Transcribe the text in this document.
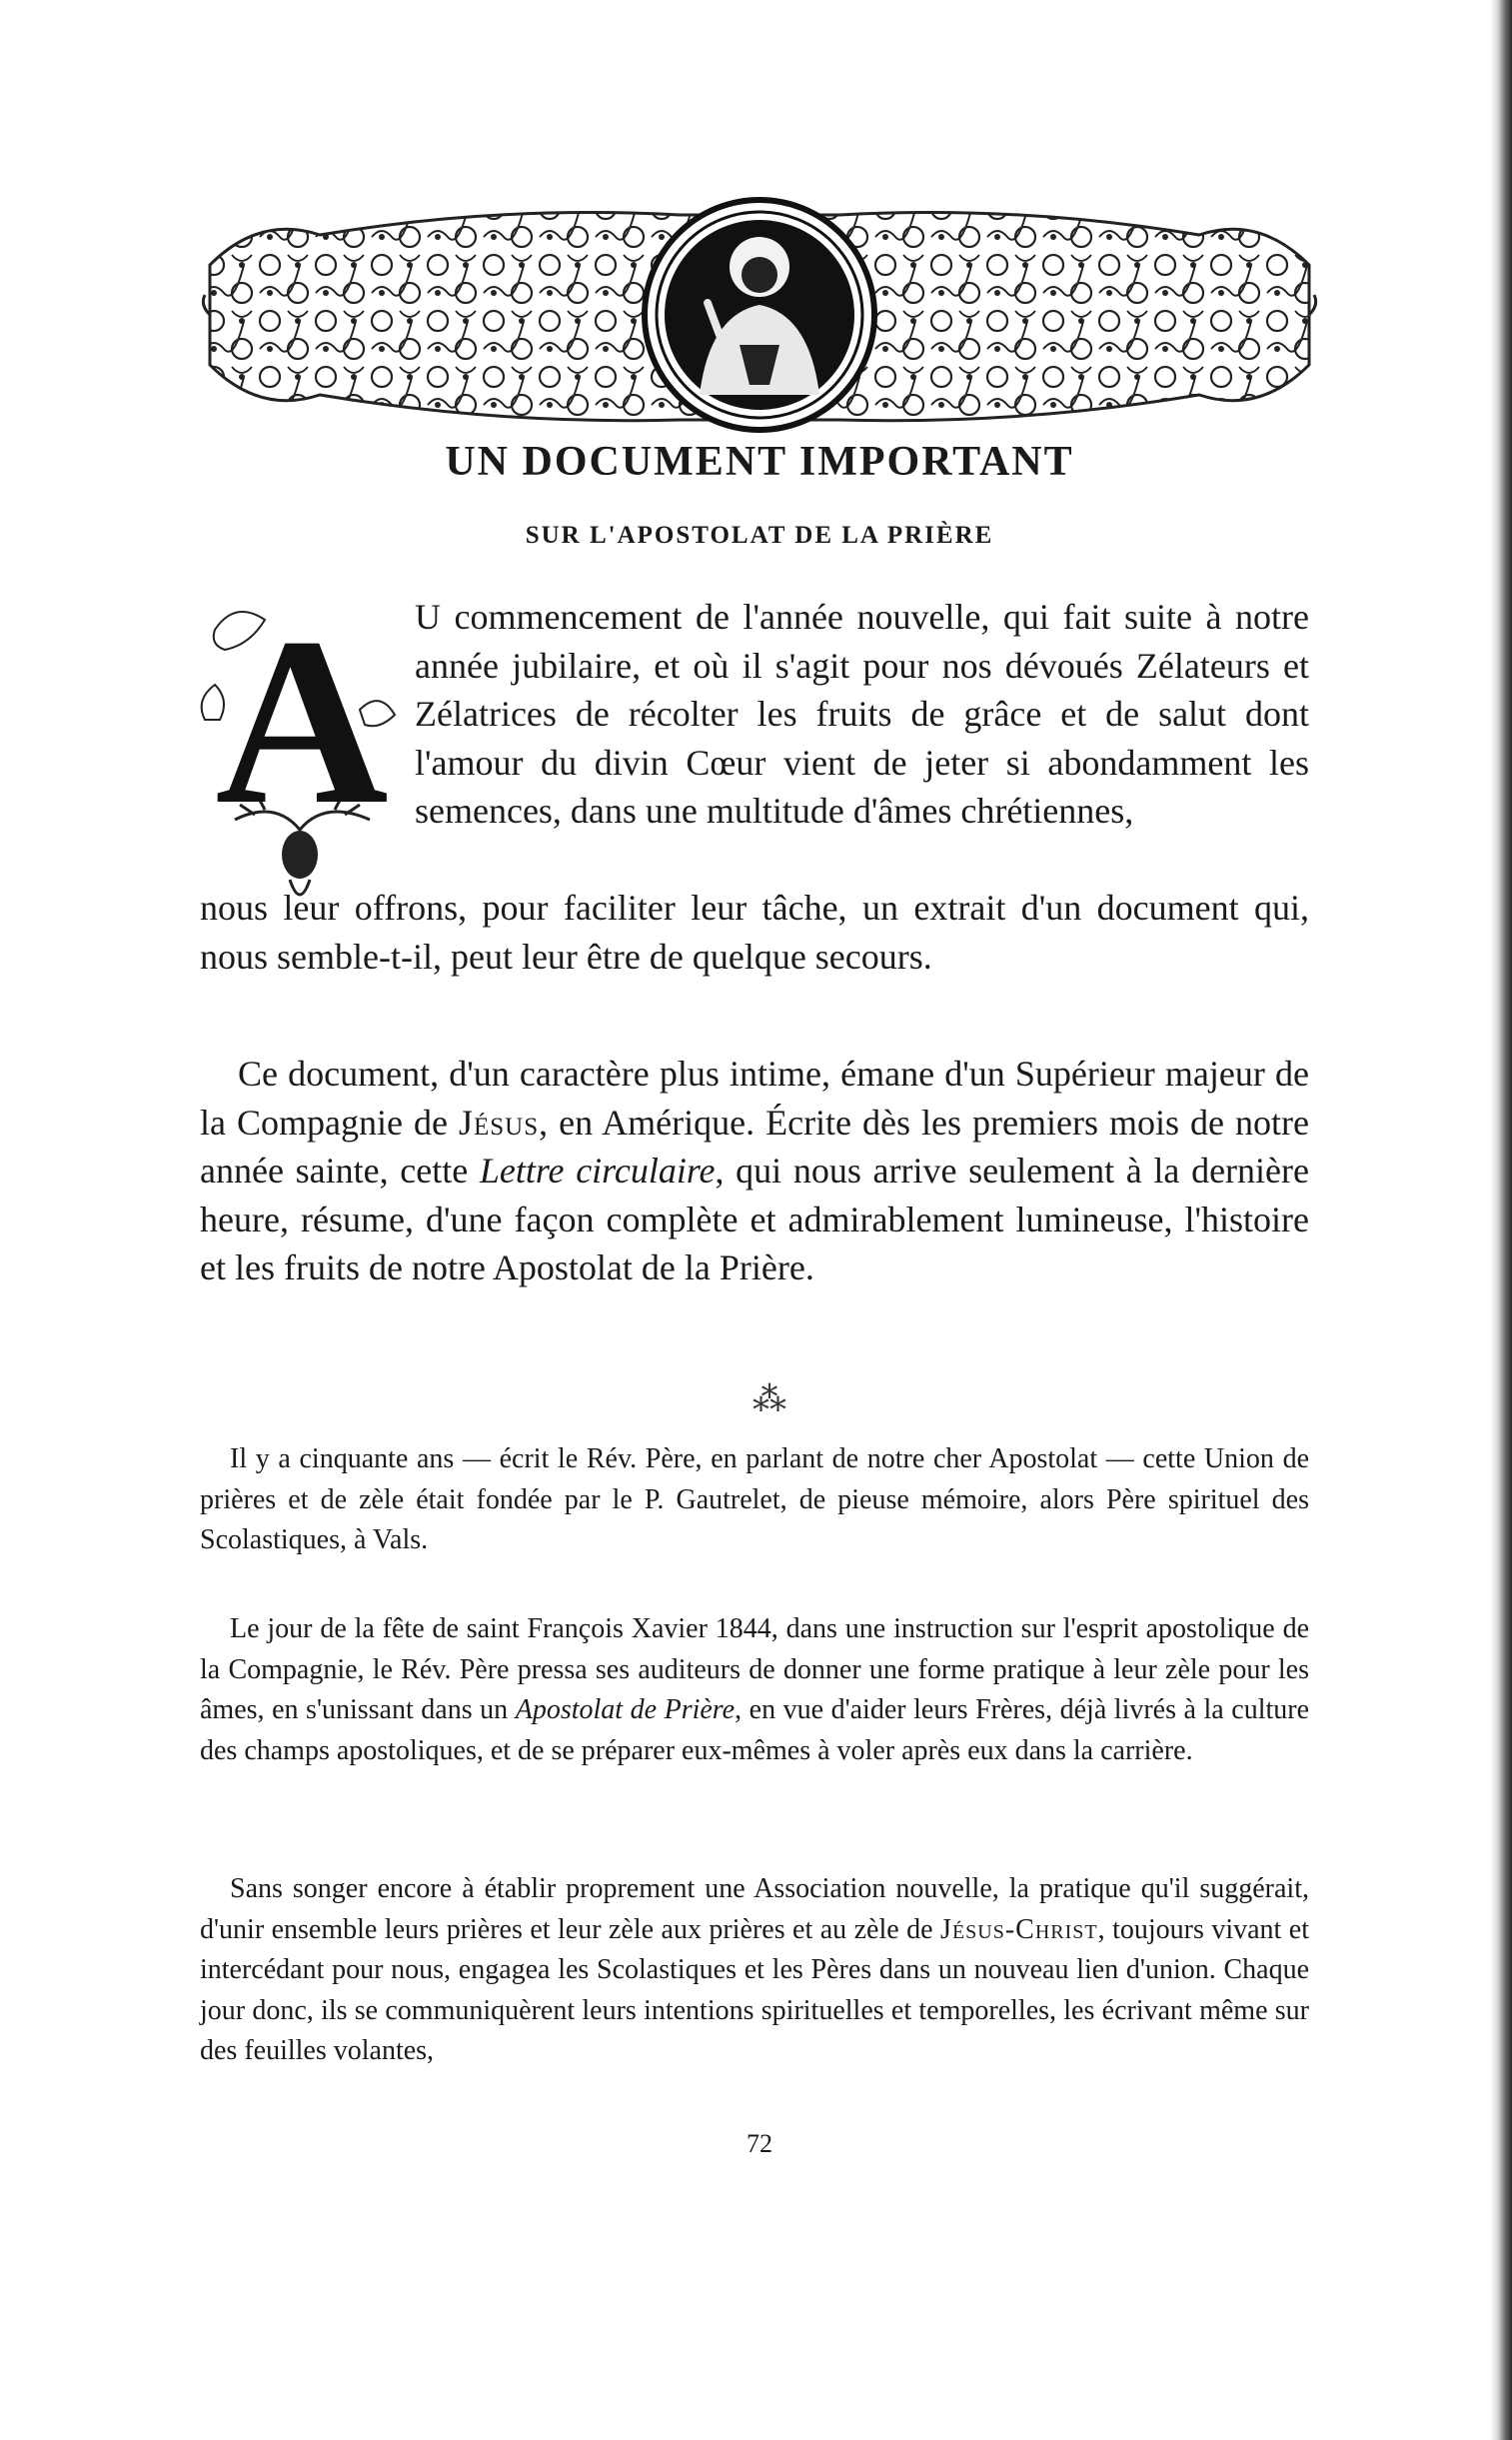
UN DOCUMENT IMPORTANT
SUR L'APOSTOLAT DE LA PRIÈRE
A U commencement de l'année nouvelle, qui fait suite à notre année jubilaire, et où il s'agit pour nos dévoués Zélateurs et Zélatrices de récolter les fruits de grâce et de salut dont l'amour du divin Cœur vient de jeter si abondamment les semences, dans une multitude d'âmes chrétiennes,

nous leur offrons, pour faciliter leur tâche, un extrait d'un document qui, nous semble-t-il, peut leur être de quelque secours.

Ce document, d'un caractère plus intime, émane d'un Supérieur majeur de la Compagnie de Jésus, en Amérique. Écrite dès les premiers mois de notre année sainte, cette Lettre circulaire, qui nous arrive seulement à la dernière heure, résume, d'une façon complète et admirablement lumineuse, l'histoire et les fruits de notre Apostolat de la Prière.

⁂

Il y a cinquante ans — écrit le Rév. Père, en parlant de notre cher Apostolat — cette Union de prières et de zèle était fondée par le P. Gautrelet, de pieuse mémoire, alors Père spirituel des Scolastiques, à Vals.

Le jour de la fête de saint François Xavier 1844, dans une instruction sur l'esprit apostolique de la Compagnie, le Rév. Père pressa ses auditeurs de donner une forme pratique à leur zèle pour les âmes, en s'unissant dans un Apostolat de Prière, en vue d'aider leurs Frères, déjà livrés à la culture des champs apostoliques, et de se préparer eux-mêmes à voler après eux dans la carrière.

Sans songer encore à établir proprement une Association nouvelle, la pratique qu'il suggérait, d'unir ensemble leurs prières et leur zèle aux prières et au zèle de Jésus-Christ, toujours vivant et intercédant pour nous, engagea les Scolastiques et les Pères dans un nouveau lien d'union. Chaque jour donc, ils se communiquèrent leurs intentions spirituelles et temporelles, les écrivant même sur des feuilles volantes,

72
